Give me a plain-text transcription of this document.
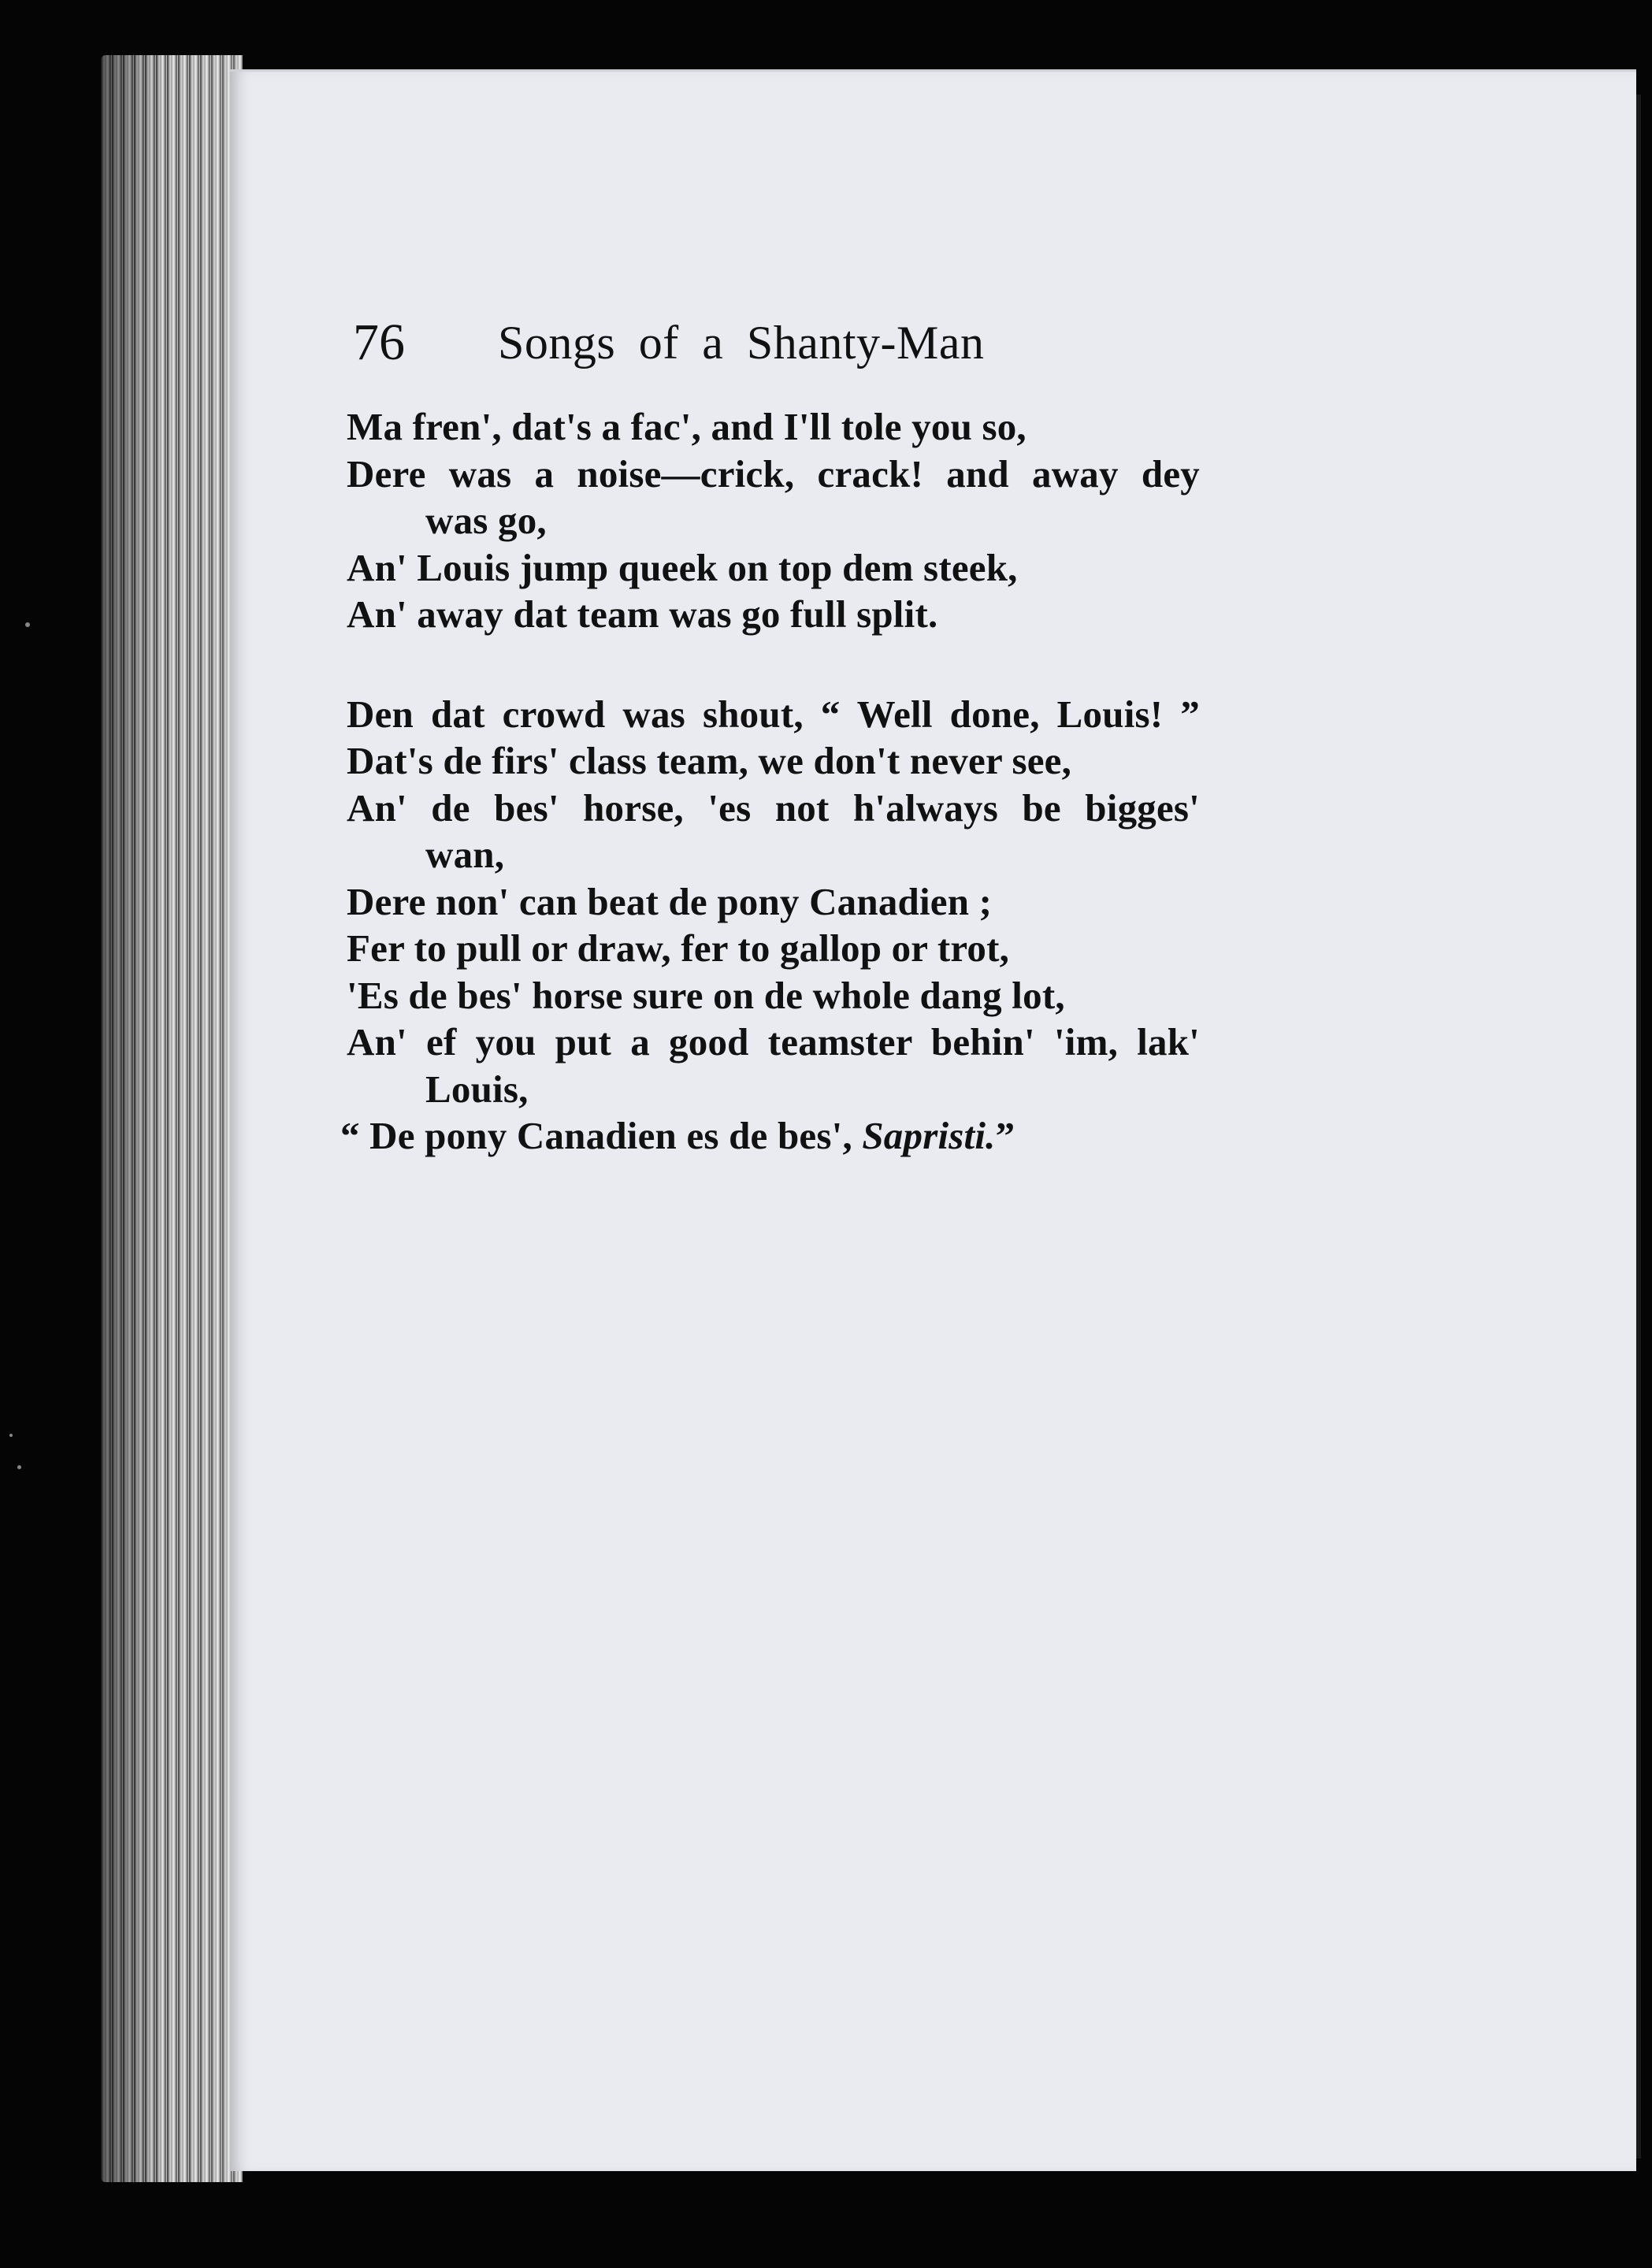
76 Songs of a Shanty-Man
Ma fren', dat's a fac', and I'll tole you so,
Dere was a noise—crick, crack! and away dey
was go,
An' Louis jump queek on top dem steek,
An' away dat team was go full split.
Den dat crowd was shout, “ Well done, Louis! ”
Dat's de firs' class team, we don't never see,
An' de bes' horse, 'es not h'always be bigges'
wan,
Dere non' can beat de pony Canadien ;
Fer to pull or draw, fer to gallop or trot,
'Es de bes' horse sure on de whole dang lot,
An' ef you put a good teamster behin' 'im, lak'
Louis,
“ De pony Canadien es de bes', Sapristi.”
